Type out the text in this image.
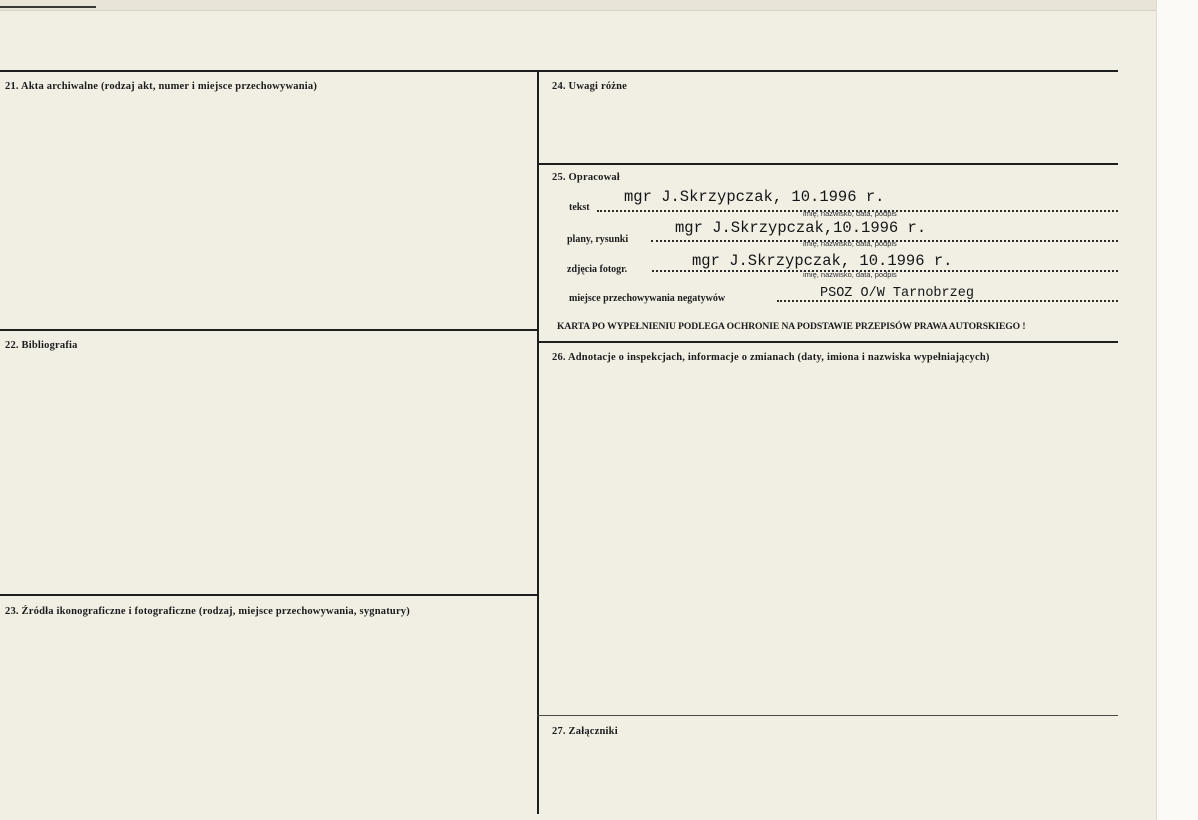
21. Akta archiwalne (rodzaj akt, numer i miejsce przechowywania)
22. Bibliografia
23. Źródła ikonograficzne i fotograficzne (rodzaj, miejsce przechowywania, sygnatury)
24. Uwagi różne
25. Opracował
tekst
mgr J.Skrzypczak, 10.1996 r.
imię, nazwisko, data, podpis
plany, rysunki
mgr J.Skrzypczak,10.1996 r.
imię, nazwisko, data, podpis
zdjęcia fotogr.	mgr J.Skrzypczak, 10.1996 r.
imię, nazwisko, data, podpis
miejsce przechowywania negatywów	PSOZ O/W Tarnobrzeg
KARTA PO WYPEŁNIENIU PODLEGA OCHRONIE NA PODSTAWIE PRZEPISÓW PRAWA AUTORSKIEGO !
26. Adnotacje o inspekcjach, informacje o zmianach (daty, imiona i nazwiska wypełniających)
27. Załączniki
